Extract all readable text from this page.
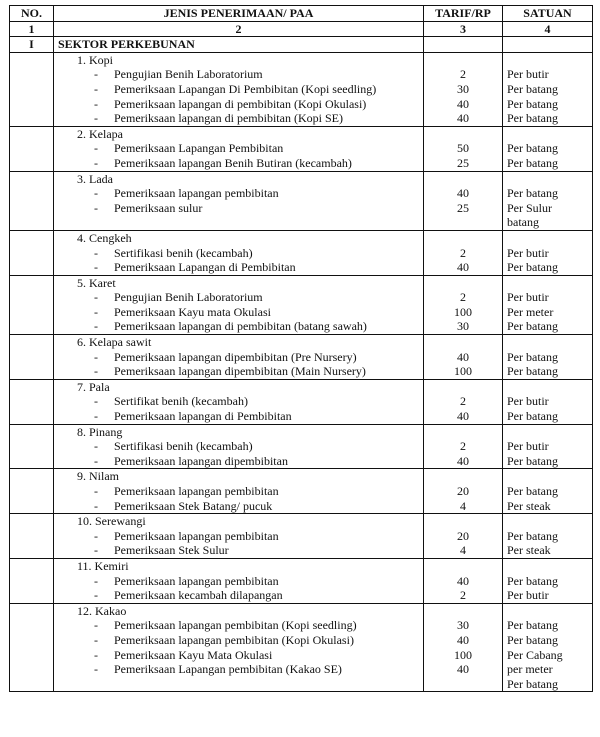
NO.	JENIS PENERIMAAN/ PAA	TARIF/RP	SATUAN
1	2	3	4
I	SEKTOR PERKEBUNAN		
	1. Kopi		
	- Pengujian Benih Laboratorium	2	Per butir
	- Pemeriksaan Lapangan Di Pembibitan (Kopi seedling)	30	Per batang
	- Pemeriksaan lapangan di pembibitan (Kopi Okulasi)	40	Per batang
	- Pemeriksaan lapangan di pembibitan (Kopi SE)	40	Per batang
	2. Kelapa		
	- Pemeriksaan Lapangan Pembibitan	50	Per batang
	- Pemeriksaan lapangan Benih Butiran (kecambah)	25	Per batang
	3. Lada		
	- Pemeriksaan lapangan pembibitan	40	Per batang
	- Pemeriksaan sulur	25	Per Sulur
			batang
	4. Cengkeh		
	- Sertifikasi benih (kecambah)	2	Per butir
	- Pemeriksaan Lapangan di Pembibitan	40	Per batang
	5. Karet		
	- Pengujian Benih Laboratorium	2	Per butir
	- Pemeriksaan Kayu mata Okulasi	100	Per meter
	- Pemeriksaan lapangan di pembibitan (batang sawah)	30	Per batang
	6. Kelapa sawit		
	- Pemeriksaan lapangan dipembibitan (Pre Nursery)	40	Per batang
	- Pemeriksaan lapangan dipembibitan (Main Nursery)	100	Per batang
	7. Pala		
	- Sertifikat benih (kecambah)	2	Per butir
	- Pemeriksaan lapangan di Pembibitan	40	Per batang
	8. Pinang		
	- Sertifikasi benih (kecambah)	2	Per butir
	- Pemeriksaan lapangan dipembibitan	40	Per batang
	9. Nilam		
	- Pemeriksaan lapangan pembibitan	20	Per batang
	- Pemeriksaan Stek Batang/ pucuk	4	Per steak
	10. Serewangi		
	- Pemeriksaan lapangan pembibitan	20	Per batang
	- Pemeriksaan Stek Sulur	4	Per steak
	11. Kemiri		
	- Pemeriksaan lapangan pembibitan	40	Per batang
	- Pemeriksaan kecambah dilapangan	2	Per butir
	12. Kakao		
	- Pemeriksaan lapangan pembibitan (Kopi seedling)	30	Per batang
	- Pemeriksaan lapangan pembibitan (Kopi Okulasi)	40	Per batang
	- Pemeriksaan Kayu Mata Okulasi	100	Per Cabang
	- Pemeriksaan Lapangan pembibitan (Kakao SE)	40	per meter
			Per batang
